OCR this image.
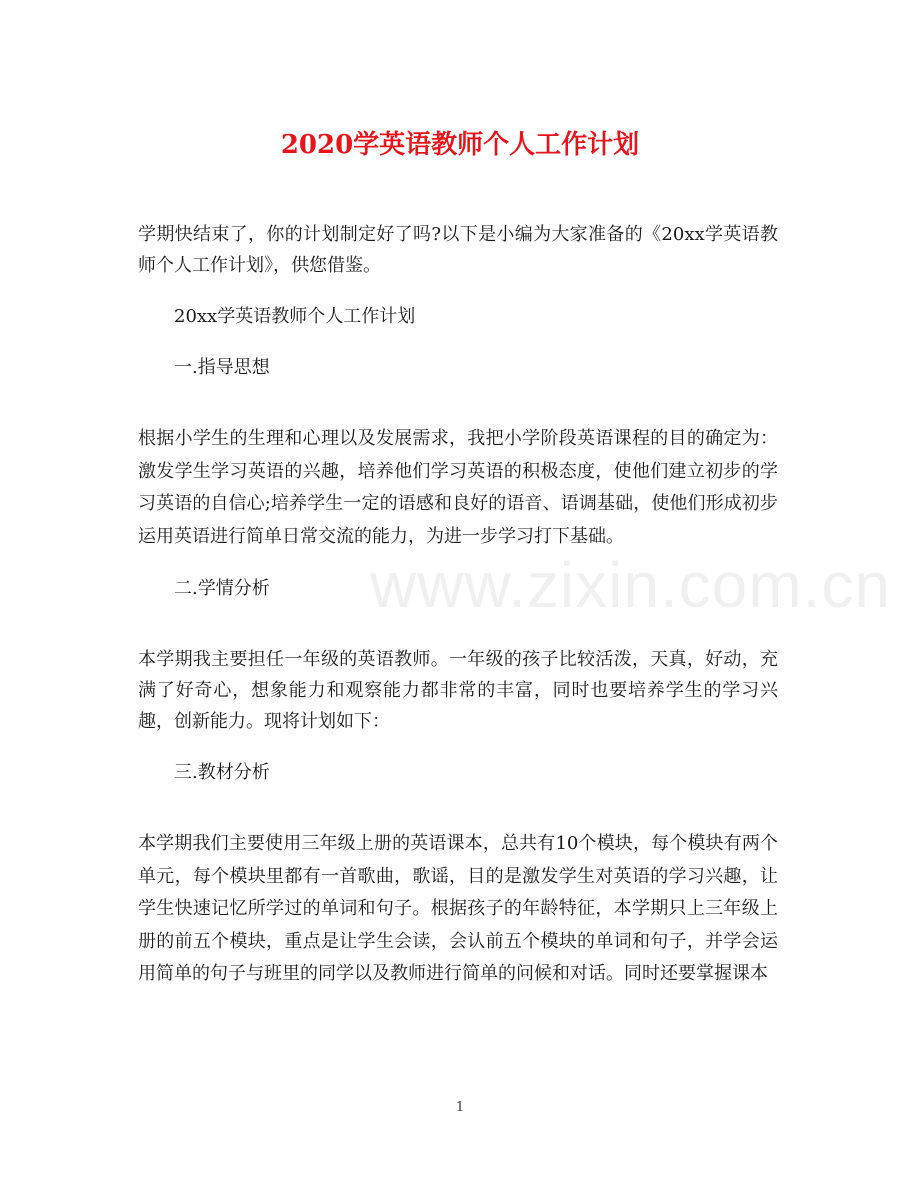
2020学英语教师个人工作计划

学期快结束了，你的计划制定好了吗?以下是小编为大家准备的《20xx学英语教师个人工作计划》，供您借鉴。

20xx学英语教师个人工作计划

一.指导思想

根据小学生的生理和心理以及发展需求，我把小学阶段英语课程的目的确定为：激发学生学习英语的兴趣，培养他们学习英语的积极态度，使他们建立初步的学习英语的自信心;培养学生一定的语感和良好的语音、语调基础，使他们形成初步运用英语进行简单日常交流的能力，为进一步学习打下基础。

二.学情分析

本学期我主要担任一年级的英语教师。一年级的孩子比较活泼，天真，好动，充满了好奇心，想象能力和观察能力都非常的丰富，同时也要培养学生的学习兴趣，创新能力。现将计划如下：

三.教材分析

本学期我们主要使用三年级上册的英语课本，总共有10个模块，每个模块有两个单元，每个模块里都有一首歌曲，歌谣，目的是激发学生对英语的学习兴趣，让学生快速记忆所学过的单词和句子。根据孩子的年龄特征，本学期只上三年级上册的前五个模块，重点是让学生会读，会认前五个模块的单词和句子，并学会运用简单的句子与班里的同学以及教师进行简单的问候和对话。同时还要掌握课本

www.zixin.com.cn
1
